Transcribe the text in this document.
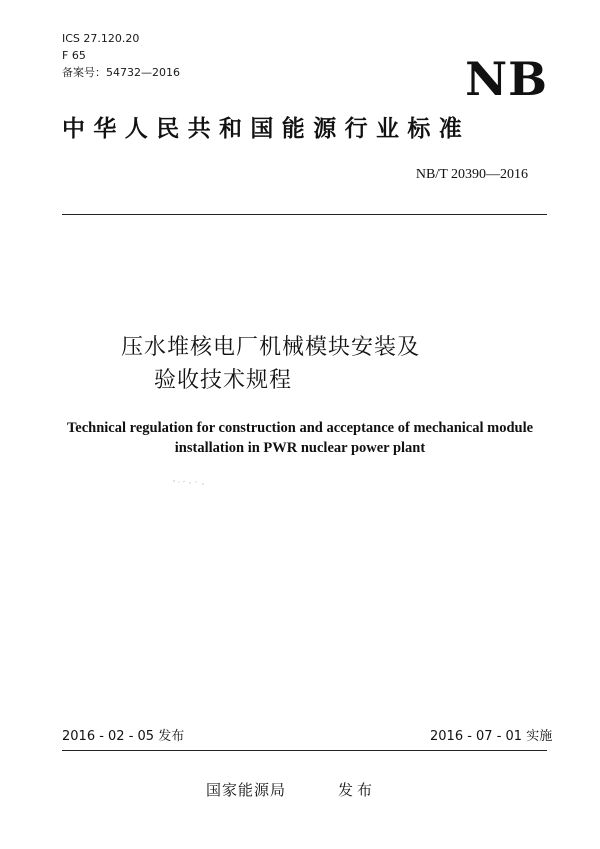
ICS 27.120.20
F 65
备案号：54732—2016	NB
中华人民共和国能源行业标准
NB/T 20390—2016
压水堆核电厂机械模块安装及
验收技术规程
Technical regulation for construction and acceptance of mechanical module
installation in PWR nuclear power plant
2016 - 02 - 05 发布	2016 - 07 - 01 实施
国家能源局	发布
